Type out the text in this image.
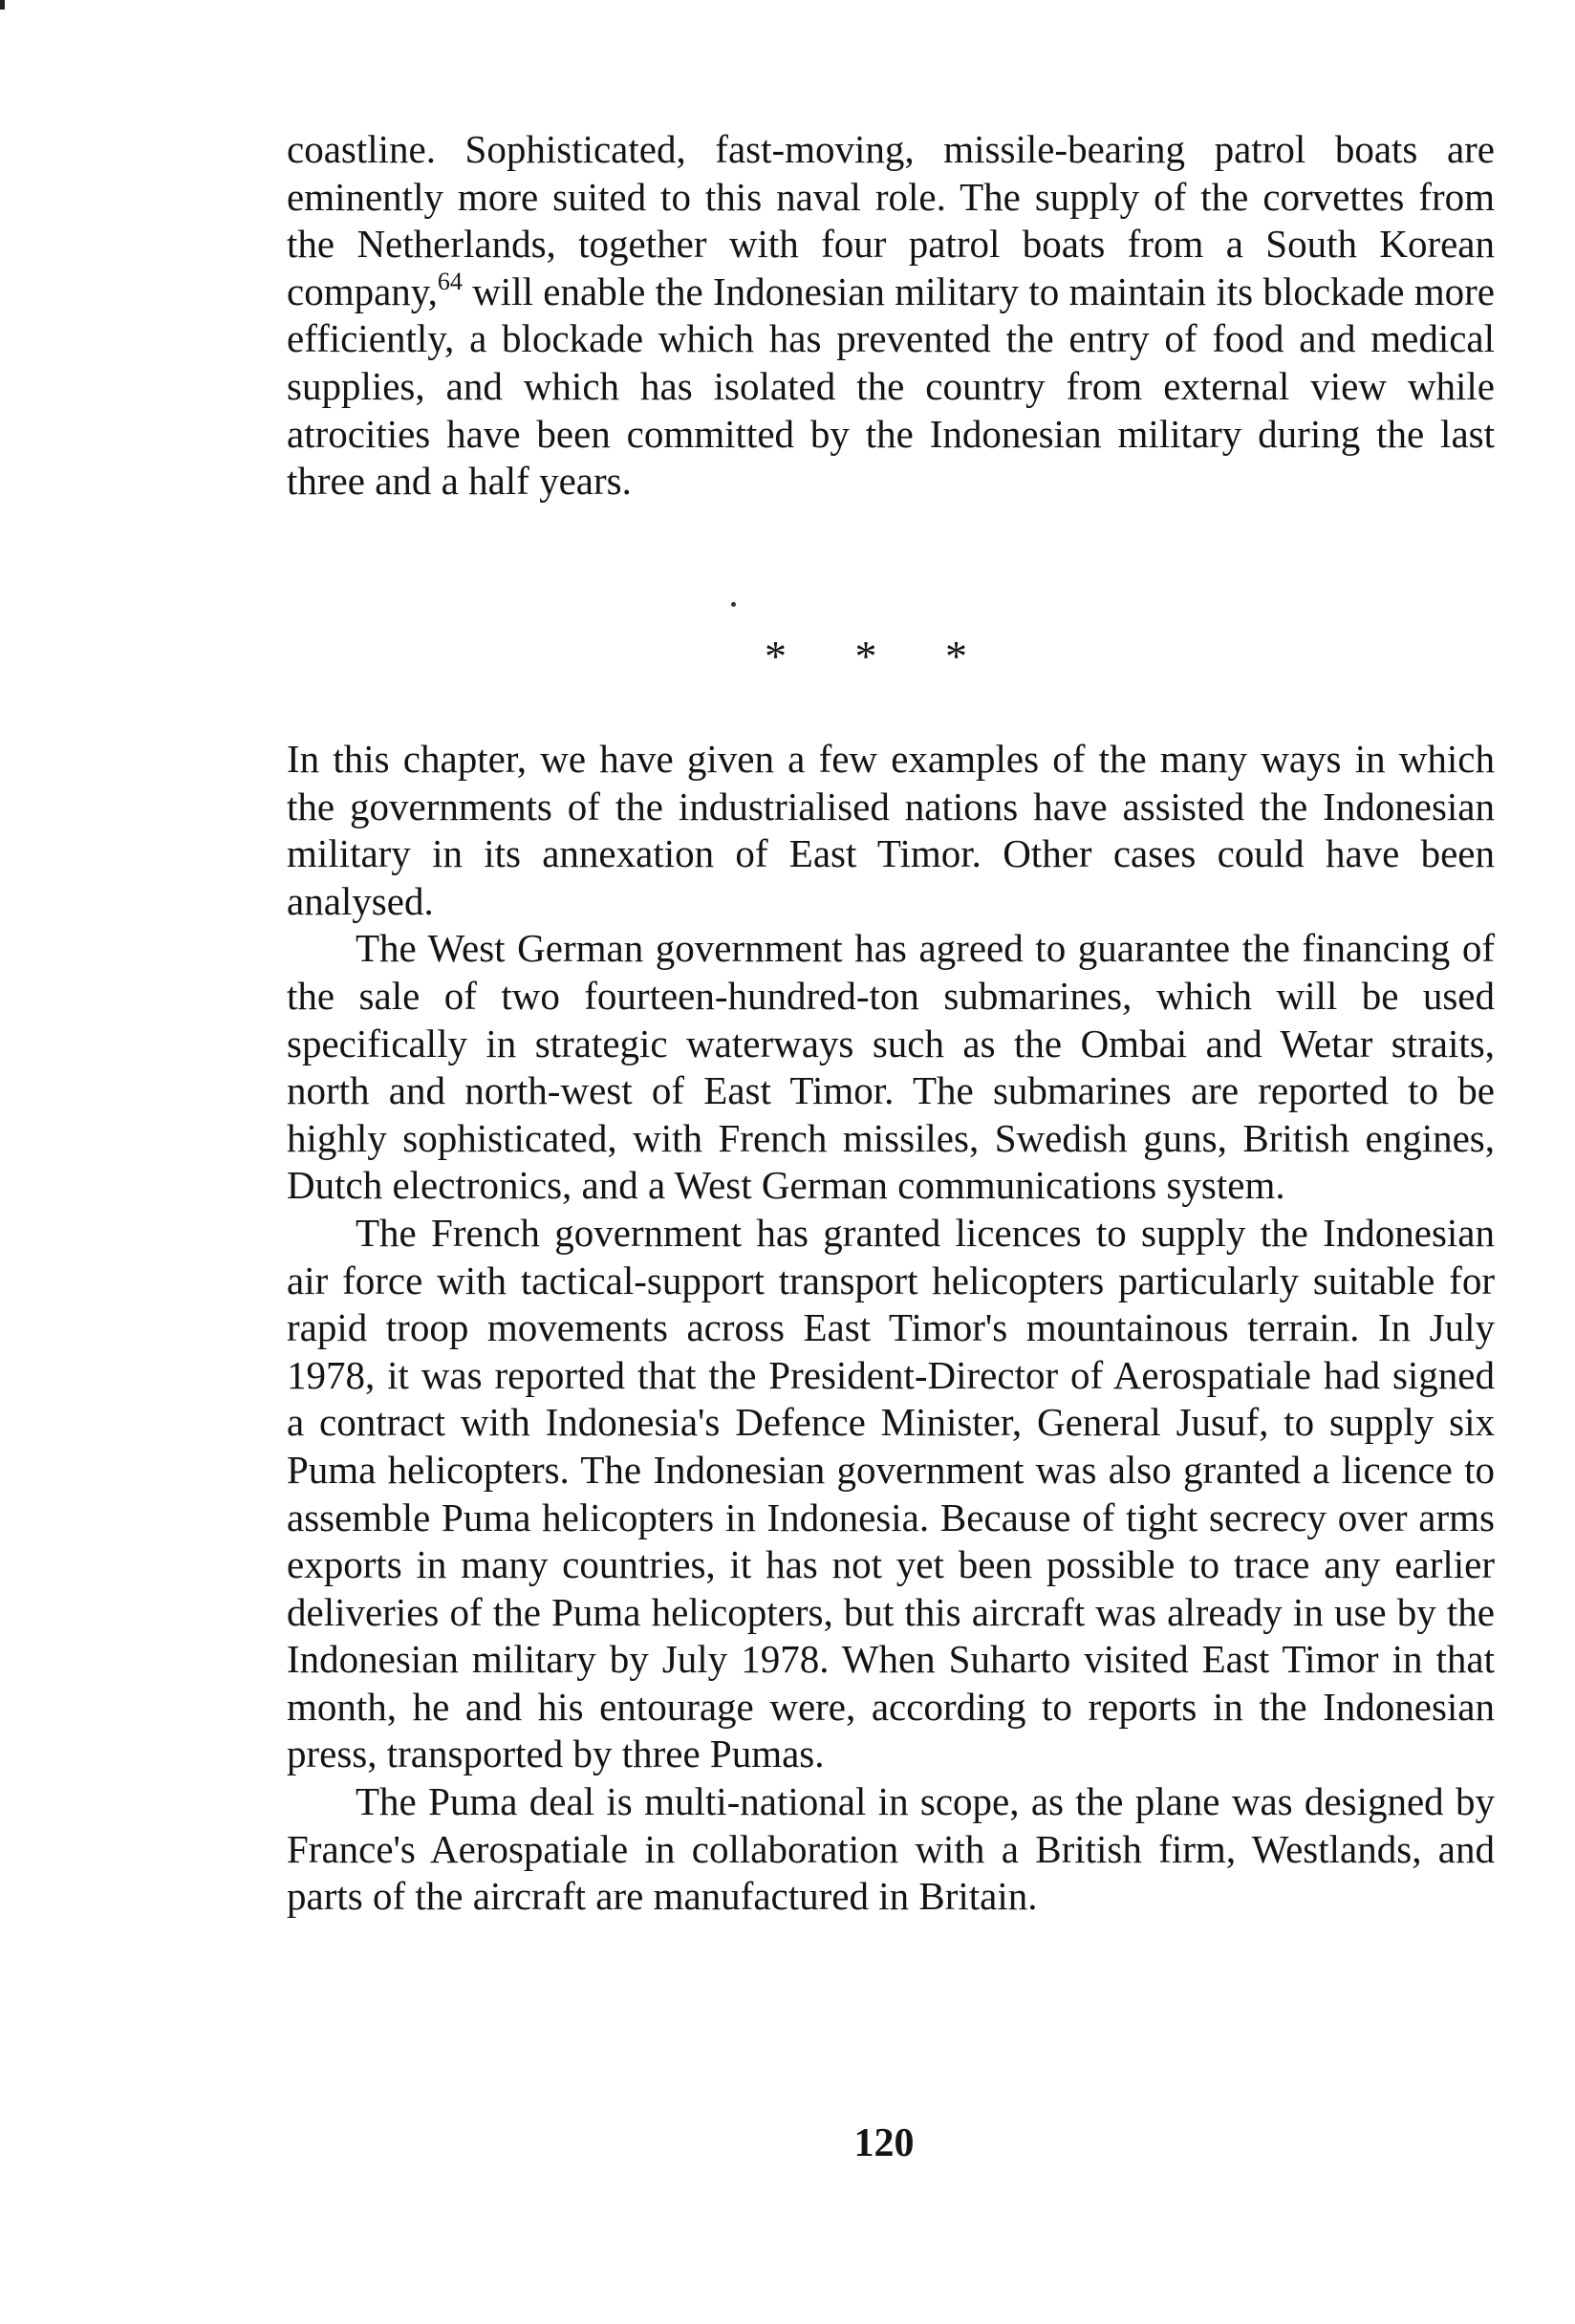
coastline. Sophisticated, fast-moving, missile-bearing patrol boats are eminently more suited to this naval role. The supply of the corvettes from the Netherlands, together with four patrol boats from a South Korean company,$^{64}$ will enable the Indonesian military to maintain its blockade more efficiently, a blockade which has prevented the entry of food and medical supplies, and which has isolated the country from external view while atrocities have been committed by the Indonesian military during the last three and a half years.

* * *

In this chapter, we have given a few examples of the many ways in which the governments of the industrialised nations have assisted the Indonesian military in its annexation of East Timor. Other cases could have been analysed.

The West German government has agreed to guarantee the financing of the sale of two fourteen-hundred-ton submarines, which will be used specifically in strategic waterways such as the Ombai and Wetar straits, north and north-west of East Timor. The submarines are reported to be highly sophisticated, with French missiles, Swedish guns, British engines, Dutch electronics, and a West German communications system.

The French government has granted licences to supply the Indonesian air force with tactical-support transport helicopters particularly suitable for rapid troop movements across East Timor's mountainous terrain. In July 1978, it was reported that the President-Director of Aerospatiale had signed a contract with Indonesia's Defence Minister, General Jusuf, to supply six Puma helicopters. The Indonesian government was also granted a licence to assemble Puma helicopters in Indonesia. Because of tight secrecy over arms exports in many countries, it has not yet been possible to trace any earlier deliveries of the Puma helicopters, but this aircraft was already in use by the Indonesian military by July 1978. When Suharto visited East Timor in that month, he and his entourage were, according to reports in the Indonesian press, transported by three Pumas.

The Puma deal is multi-national in scope, as the plane was designed by France's Aerospatiale in collaboration with a British firm, Westlands, and parts of the aircraft are manufactured in Britain.

120
